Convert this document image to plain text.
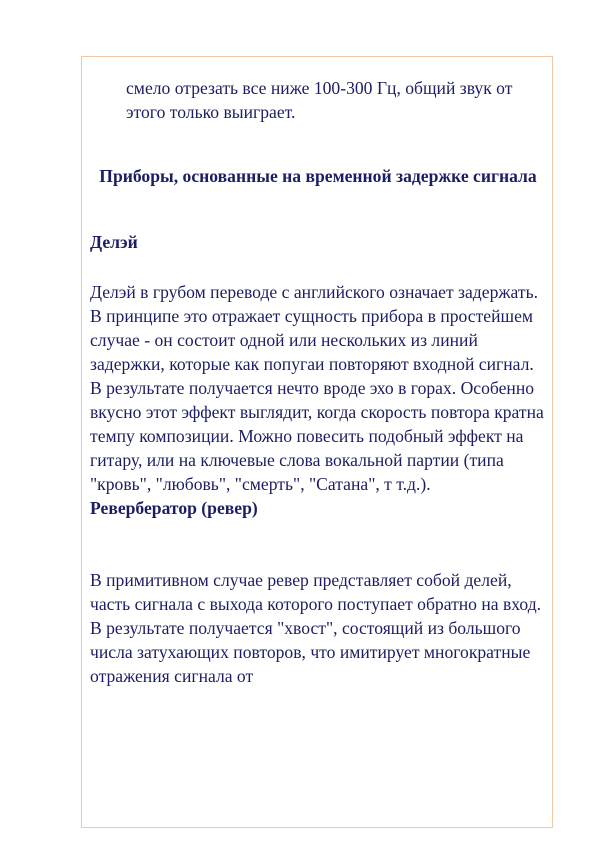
смело отрезать все ниже 100-300 Гц, общий звук от этого только выиграет.

Приборы, основанные на временной задержке сигнала

Делэй

Делэй в грубом переводе с английского означает задержать. В принципе это отражает сущность прибора в простейшем случае - он состоит одной или нескольких из линий задержки, которые как попугаи повторяют входной сигнал. В результате получается нечто вроде эхо в горах. Особенно вкусно этот эффект выглядит, когда скорость повтора кратна темпу композиции. Можно повесить подобный эффект на гитару, или на ключевые слова вокальной партии (типа "кровь", "любовь", "смерть", "Сатана", т т.д.).

Ревербератор (ревер)

В примитивном случае ревер представляет собой делей, часть сигнала с выхода которого поступает обратно на вход. В результате получается "хвост", состоящий из большого числа затухающих повторов, что имитирует многократные отражения сигнала от
